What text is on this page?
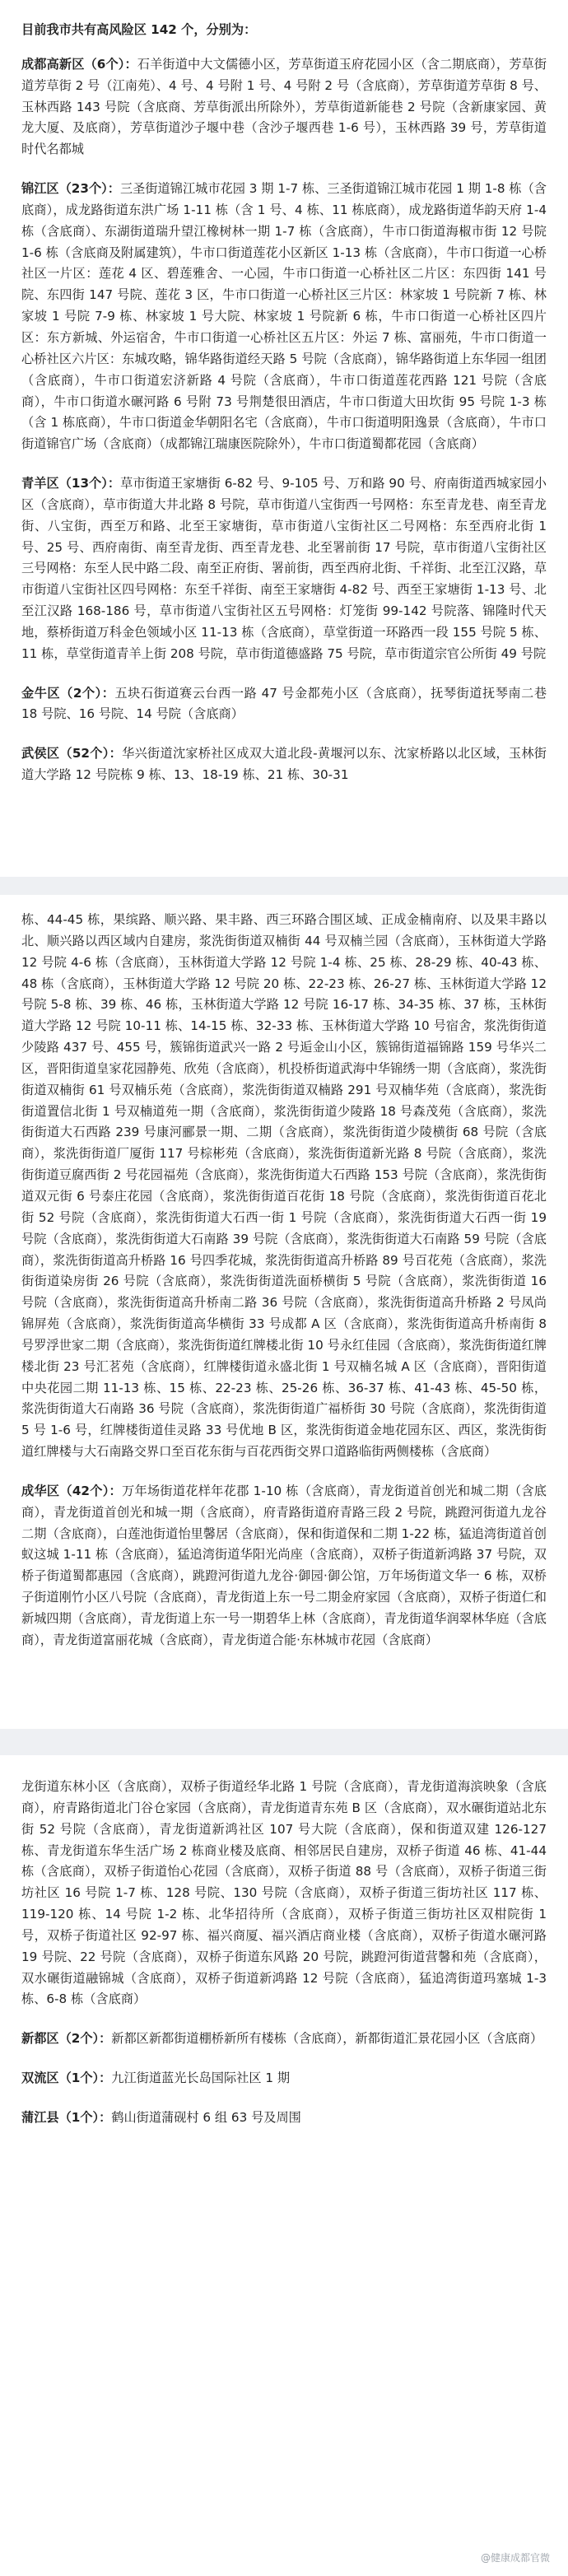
目前我市共有高风险区 142 个，分别为：

成都高新区（6个）：石羊街道中大文儒德小区，芳草街道玉府花园小区（含二期底商），芳草街道芳草街 2 号（江南苑）、4 号、4 号附 1 号、4 号附 2 号（含底商），芳草街道芳草街 8 号、玉林西路 143 号院（含底商、芳草街派出所除外），芳草街道新能巷 2 号院（含新康家园、黄龙大厦、及底商），芳草街道沙子堰中巷（含沙子堰西巷 1-6 号），玉林西路 39 号，芳草街道时代名都城

锦江区（23个）：三圣街道锦江城市花园 3 期 1-7 栋、三圣街道锦江城市花园 1 期 1-8 栋（含底商），成龙路街道东洪广场 1-11 栋（含 1 号、4 栋、11 栋底商），成龙路街道华韵天府 1-4 栋（含底商）、东湖街道瑞升望江橡树林一期 1-7 栋（含底商），牛市口街道海椒市街 12 号院 1-6 栋（含底商及附属建筑），牛市口街道莲花小区新区 1-13 栋（含底商），牛市口街道一心桥社区一片区：莲花 4 区、碧莲雅舍、一心园，牛市口街道一心桥社区二片区：东四街 141 号院、东四街 147 号院、莲花 3 区，牛市口街道一心桥社区三片区：林家坡 1 号院新 7 栋、林家坡 1 号院 7-9 栋、林家坡 1 号大院、林家坡 1 号院新 6 栋，牛市口街道一心桥社区四片区：东方新城、外运宿舍，牛市口街道一心桥社区五片区：外运 7 栋、富丽苑，牛市口街道一心桥社区六片区：东城攻略，锦华路街道经天路 5 号院（含底商），锦华路街道上东华园一组团（含底商），牛市口街道宏济新路 4 号院（含底商），牛市口街道莲花西路 121 号院（含底商），牛市口街道水碾河路 6 号附 73 号荆楚很田酒店，牛市口街道大田坎街 95 号院 1-3 栋（含 1 栋底商），牛市口街道金华朝阳名宅（含底商），牛市口街道明阳逸景（含底商），牛市口街道锦官广场（含底商）（成都锦江瑞康医院除外），牛市口街道蜀都花园（含底商）

青羊区（13个）：草市街道王家塘街 6-82 号、9-105 号、万和路 90 号、府南街道西城家园小区（含底商），草市街道大井北路 8 号院，草市街道八宝街西一号网格：东至青龙巷、南至青龙街、八宝街，西至万和路、北至王家塘街，草市街道八宝街社区二号网格：东至西府北街 1 号、25 号、西府南街、南至青龙街、西至青龙巷、北至署前街 17 号院，草市街道八宝街社区三号网格：东至人民中路二段、南至正府街、署前街，西至西府北街、千祥街、北至江汉路，草市街道八宝街社区四号网格：东至千祥街、南至王家塘街 4-82 号、西至王家塘街 1-13 号、北至江汉路 168-186 号，草市街道八宝街社区五号网格：灯笼街 99-142 号院落、锦隆时代天地，蔡桥街道万科金色领域小区 11-13 栋（含底商），草堂街道一环路西一段 155 号院 5 栋、11 栋，草堂街道青羊上街 208 号院，草市街道德盛路 75 号院，草市街道宗官公所街 49 号院

金牛区（2个）：五块石街道赛云台西一路 47 号金都苑小区（含底商），抚琴街道抚琴南二巷 18 号院、16 号院、14 号院（含底商）

武侯区（52个）：华兴街道沈家桥社区成双大道北段-黄堰河以东、沈家桥路以北区域，玉林街道大学路 12 号院栋 9 栋、13、18-19 栋、21 栋、30-31

栋、44-45 栋，果缤路、顺兴路、果丰路、西三环路合围区域、正成金楠南府、以及果丰路以北、顺兴路以西区域内自建房，浆洗街街道双楠街 44 号双楠兰园（含底商），玉林街道大学路 12 号院 4-6 栋（含底商），玉林街道大学路 12 号院 1-4 栋、25 栋、28-29 栋、40-43 栋、48 栋（含底商），玉林街道大学路 12 号院 20 栋、22-23 栋、26-27 栋、玉林街道大学路 12 号院 5-8 栋、39 栋、46 栋，玉林街道大学路 12 号院 16-17 栋、34-35 栋、37 栋，玉林街道大学路 12 号院 10-11 栋、14-15 栋、32-33 栋、玉林街道大学路 10 号宿舍，浆洗街街道少陵路 437 号、455 号，簇锦街道武兴一路 2 号逅金山小区，簇锦街道福锦路 159 号华兴二区，晋阳街道皇家花园静苑、欣苑（含底商），机投桥街道武海中华锦绣一期（含底商），浆洗街街道双楠街 61 号双楠乐苑（含底商），浆洗街街道双楠路 291 号双楠华苑（含底商），浆洗街街道置信北街 1 号双楠道苑一期（含底商），浆洗街街道少陵路 18 号森茂苑（含底商），浆洗街街道大石西路 239 号康河郦景一期、二期（含底商），浆洗街街道少陵横街 68 号院（含底商），浆洗街街道厂厦街 117 号棕彬苑（含底商），浆洗街街道新光路 8 号院（含底商），浆洗街街道豆腐西街 2 号花园福苑（含底商），浆洗街街道大石西路 153 号院（含底商），浆洗街街道双元街 6 号泰庄花园（含底商），浆洗街街道百花街 18 号院（含底商），浆洗街街道百花北街 52 号院（含底商），浆洗街街道大石西一街 1 号院（含底商），浆洗街街道大石西一街 19 号院（含底商），浆洗街街道大石南路 39 号院（含底商），浆洗街街道大石南路 59 号院（含底商），浆洗街街道高升桥路 16 号四季花城，浆洗街街道高升桥路 89 号百花苑（含底商），浆洗街街道染房街 26 号院（含底商），浆洗街街道洗面桥横街 5 号院（含底商），浆洗街街道 16 号院（含底商），浆洗街街道高升桥南二路 36 号院（含底商），浆洗街街道高升桥路 2 号凤尚锦屏苑（含底商），浆洗街街道高华横街 33 号成都 A 区（含底商），浆洗街街道高升桥南街 8 号罗浮世家二期（含底商），浆洗街街道红牌楼北街 10 号永红佳园（含底商），浆洗街街道红牌楼北街 23 号汇茗苑（含底商），红牌楼街道永盛北街 1 号双楠名城 A 区（含底商），晋阳街道中央花园二期 11-13 栋、15 栋、22-23 栋、25-26 栋、36-37 栋、41-43 栋、45-50 栋，浆洗街街道大石南路 36 号院（含底商），浆洗街街道广福桥街 30 号院（含底商），浆洗街街道 5 号 1-6 号，红牌楼街道佳灵路 33 号优地 B 区，浆洗街街道金地花园东区、西区，浆洗街街道红牌楼与大石南路交界口至百花东街与百花西街交界口道路临街两侧楼栋（含底商）

成华区（42个）：万年场街道花样年花郡 1-10 栋（含底商），青龙街道首创光和城二期（含底商），青龙街道首创光和城一期（含底商），府青路街道府青路三段 2 号院，跳蹬河街道九龙谷二期（含底商），白莲池街道怡里馨居（含底商），保和街道保和二期 1-22 栋，猛追湾街道首创蚁这城 1-11 栋（含底商），猛追湾街道华阳光尚座（含底商），双桥子街道新鸿路 37 号院，双桥子街道蜀都惠园（含底商），跳蹬河街道九龙谷·御园·御公馆，万年场街道文华一 6 栋，双桥子街道刚竹小区八号院（含底商），青龙街道上东一号二期金府家园（含底商），双桥子街道仁和新城四期（含底商），青龙街道上东一号一期碧华上林（含底商），青龙街道华润翠林华庭（含底商），青龙街道富丽花城（含底商），青龙街道合能·东林城市花园（含底商）

龙街道东林小区（含底商），双桥子街道经华北路 1 号院（含底商），青龙街道海滨映象（含底商），府青路街道北门谷仓家园（含底商），青龙街道青东苑 B 区（含底商），双水碾街道站北东街 52 号院（含底商），青龙街道新鸿社区 107 号大院（含底商），保和街道双建 126-127 栋、青龙街道东华生活广场 2 栋商业楼及底商、相邻居民自建房，双桥子街道 46 栋、41-44 栋（含底商），双桥子街道怡心花园（含底商），双桥子街道 88 号（含底商），双桥子街道三街坊社区 16 号院 1-7 栋、128 号院、130 号院（含底商），双桥子街道三街坊社区 117 栋、119-120 栋、14 号院 1-2 栋、北华招待所（含底商），双桥子街道三街坊社区双柑院街 1 号，双桥子街道社区 92-97 栋、福兴商厦、福兴酒店商业楼（含底商），双桥子街道水碾河路 19 号院、22 号院（含底商），双桥子街道东风路 20 号院，跳蹬河街道营馨和苑（含底商），双水碾街道融锦城（含底商），双桥子街道新鸿路 12 号院（含底商），猛追湾街道玛塞城 1-3 栋、6-8 栋（含底商）

新都区（2个）：新都区新都街道棚桥新所有楼栋（含底商），新都街道汇景花园小区（含底商）

双流区（1个）：九江街道蓝光长岛国际社区 1 期

蒲江县（1个）：鹤山街道蒲砚村 6 组 63 号及周围

@健康成都官微
